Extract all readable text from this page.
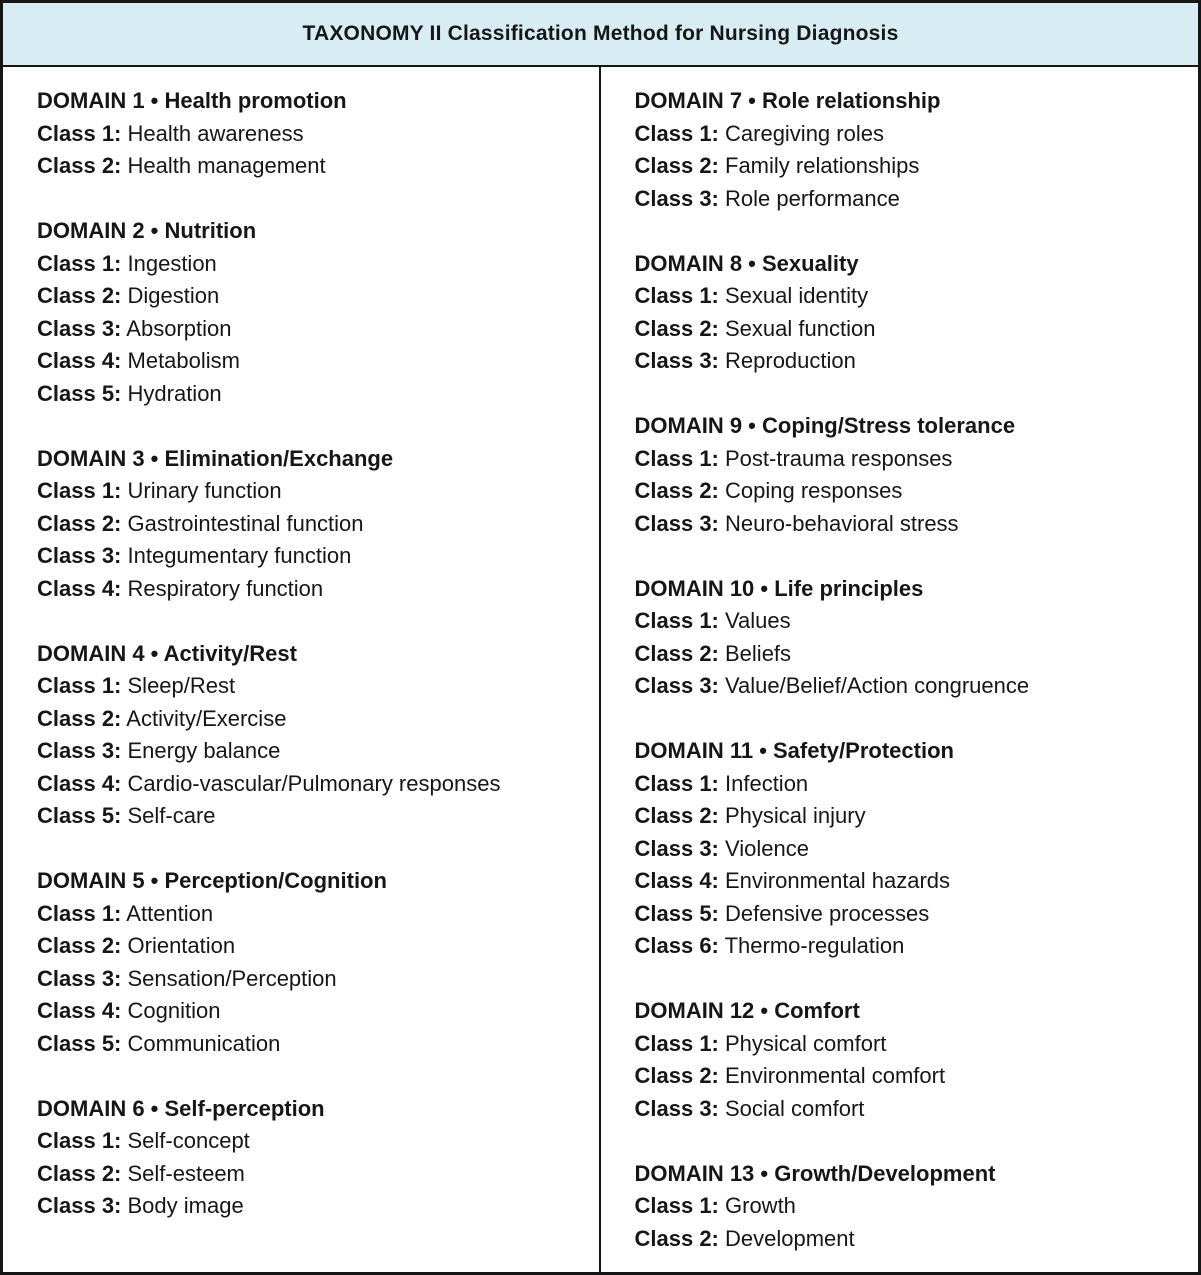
TAXONOMY II Classification Method for Nursing Diagnosis
DOMAIN 1 • Health promotion
Class 1: Health awareness
Class 2: Health management
DOMAIN 2 • Nutrition
Class 1: Ingestion
Class 2: Digestion
Class 3: Absorption
Class 4: Metabolism
Class 5: Hydration
DOMAIN 3 • Elimination/Exchange
Class 1: Urinary function
Class 2: Gastrointestinal function
Class 3: Integumentary function
Class 4: Respiratory function
DOMAIN 4 • Activity/Rest
Class 1: Sleep/Rest
Class 2: Activity/Exercise
Class 3: Energy balance
Class 4: Cardio-vascular/Pulmonary responses
Class 5: Self-care
DOMAIN 5 • Perception/Cognition
Class 1: Attention
Class 2: Orientation
Class 3: Sensation/Perception
Class 4: Cognition
Class 5: Communication
DOMAIN 6 • Self-perception
Class 1: Self-concept
Class 2: Self-esteem
Class 3: Body image
DOMAIN 7 • Role relationship
Class 1: Caregiving roles
Class 2: Family relationships
Class 3: Role performance
DOMAIN 8 • Sexuality
Class 1: Sexual identity
Class 2: Sexual function
Class 3: Reproduction
DOMAIN 9 • Coping/Stress tolerance
Class 1: Post-trauma responses
Class 2: Coping responses
Class 3: Neuro-behavioral stress
DOMAIN 10 • Life principles
Class 1: Values
Class 2: Beliefs
Class 3: Value/Belief/Action congruence
DOMAIN 11 • Safety/Protection
Class 1: Infection
Class 2: Physical injury
Class 3: Violence
Class 4: Environmental hazards
Class 5: Defensive processes
Class 6: Thermo-regulation
DOMAIN 12 • Comfort
Class 1: Physical comfort
Class 2: Environmental comfort
Class 3: Social comfort
DOMAIN 13 • Growth/Development
Class 1: Growth
Class 2: Development
